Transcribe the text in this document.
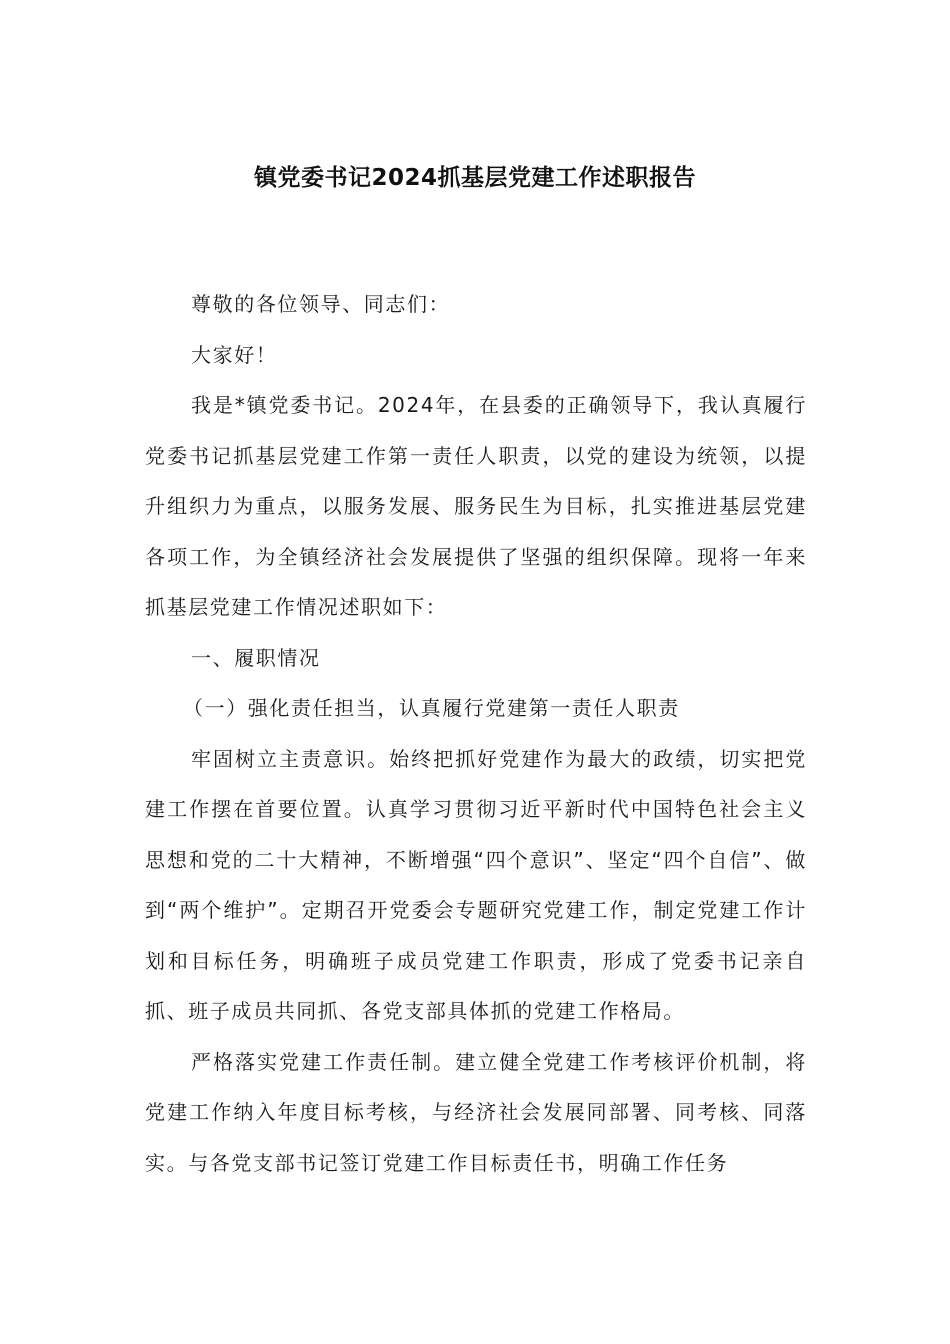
镇党委书记2024抓基层党建工作述职报告

尊敬的各位领导、同志们：

大家好！

我是*镇党委书记。2024年，在县委的正确领导下，我认真履行党委书记抓基层党建工作第一责任人职责，以党的建设为统领，以提升组织力为重点，以服务发展、服务民生为目标，扎实推进基层党建各项工作，为全镇经济社会发展提供了坚强的组织保障。现将一年来抓基层党建工作情况述职如下：

一、履职情况

（一）强化责任担当，认真履行党建第一责任人职责

牢固树立主责意识。始终把抓好党建作为最大的政绩，切实把党建工作摆在首要位置。认真学习贯彻习近平新时代中国特色社会主义思想和党的二十大精神，不断增强“四个意识”、坚定“四个自信”、做到“两个维护”。定期召开党委会专题研究党建工作，制定党建工作计划和目标任务，明确班子成员党建工作职责，形成了党委书记亲自抓、班子成员共同抓、各党支部具体抓的党建工作格局。

严格落实党建工作责任制。建立健全党建工作考核评价机制，将党建工作纳入年度目标考核，与经济社会发展同部署、同考核、同落实。与各党支部书记签订党建工作目标责任书，明确工作任务
